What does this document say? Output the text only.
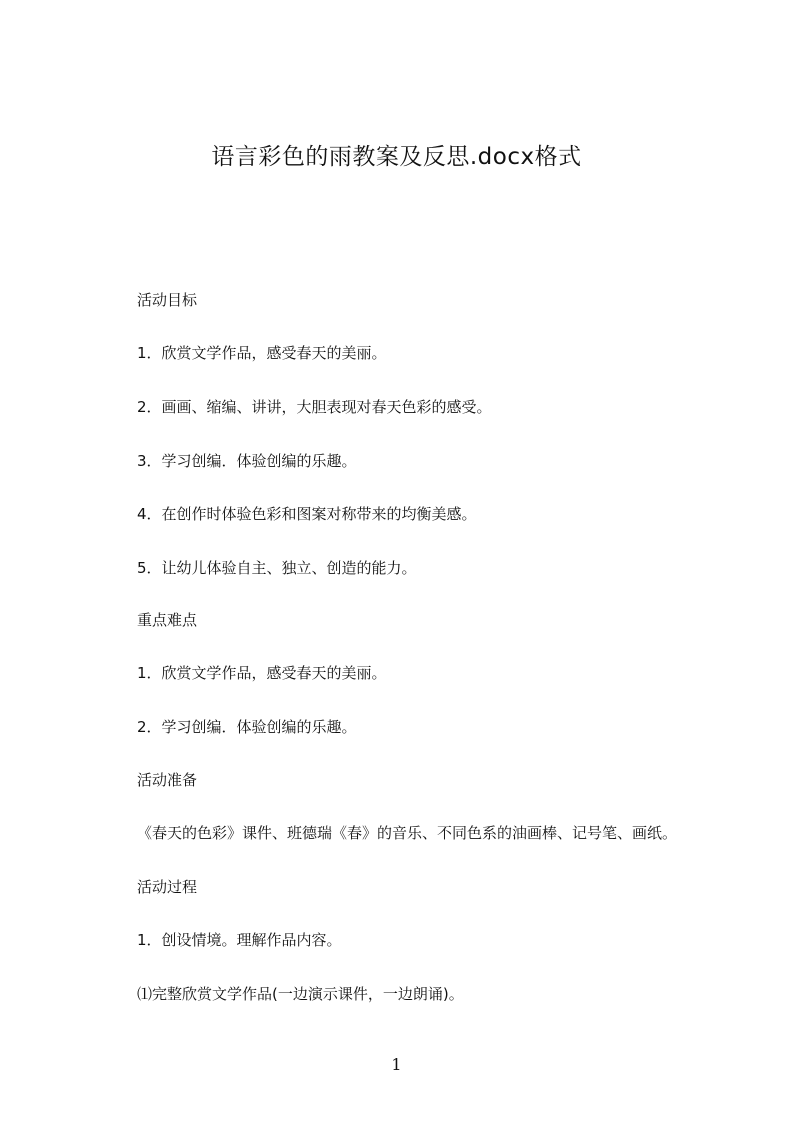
语言彩色的雨教案及反思.docx格式
活动目标
1．欣赏文学作品，感受春天的美丽。
2．画画、缩编、讲讲，大胆表现对春天色彩的感受。
3．学习创编．体验创编的乐趣。
4．在创作时体验色彩和图案对称带来的均衡美感。
5．让幼儿体验自主、独立、创造的能力。
重点难点
1．欣赏文学作品，感受春天的美丽。
2．学习创编．体验创编的乐趣。
活动准备
《春天的色彩》课件、班德瑞《春》的音乐、不同色系的油画棒、记号笔、画纸。
活动过程
1．创设情境。理解作品内容。
⑴完整欣赏文学作品(一边演示课件，一边朗诵)。
1
